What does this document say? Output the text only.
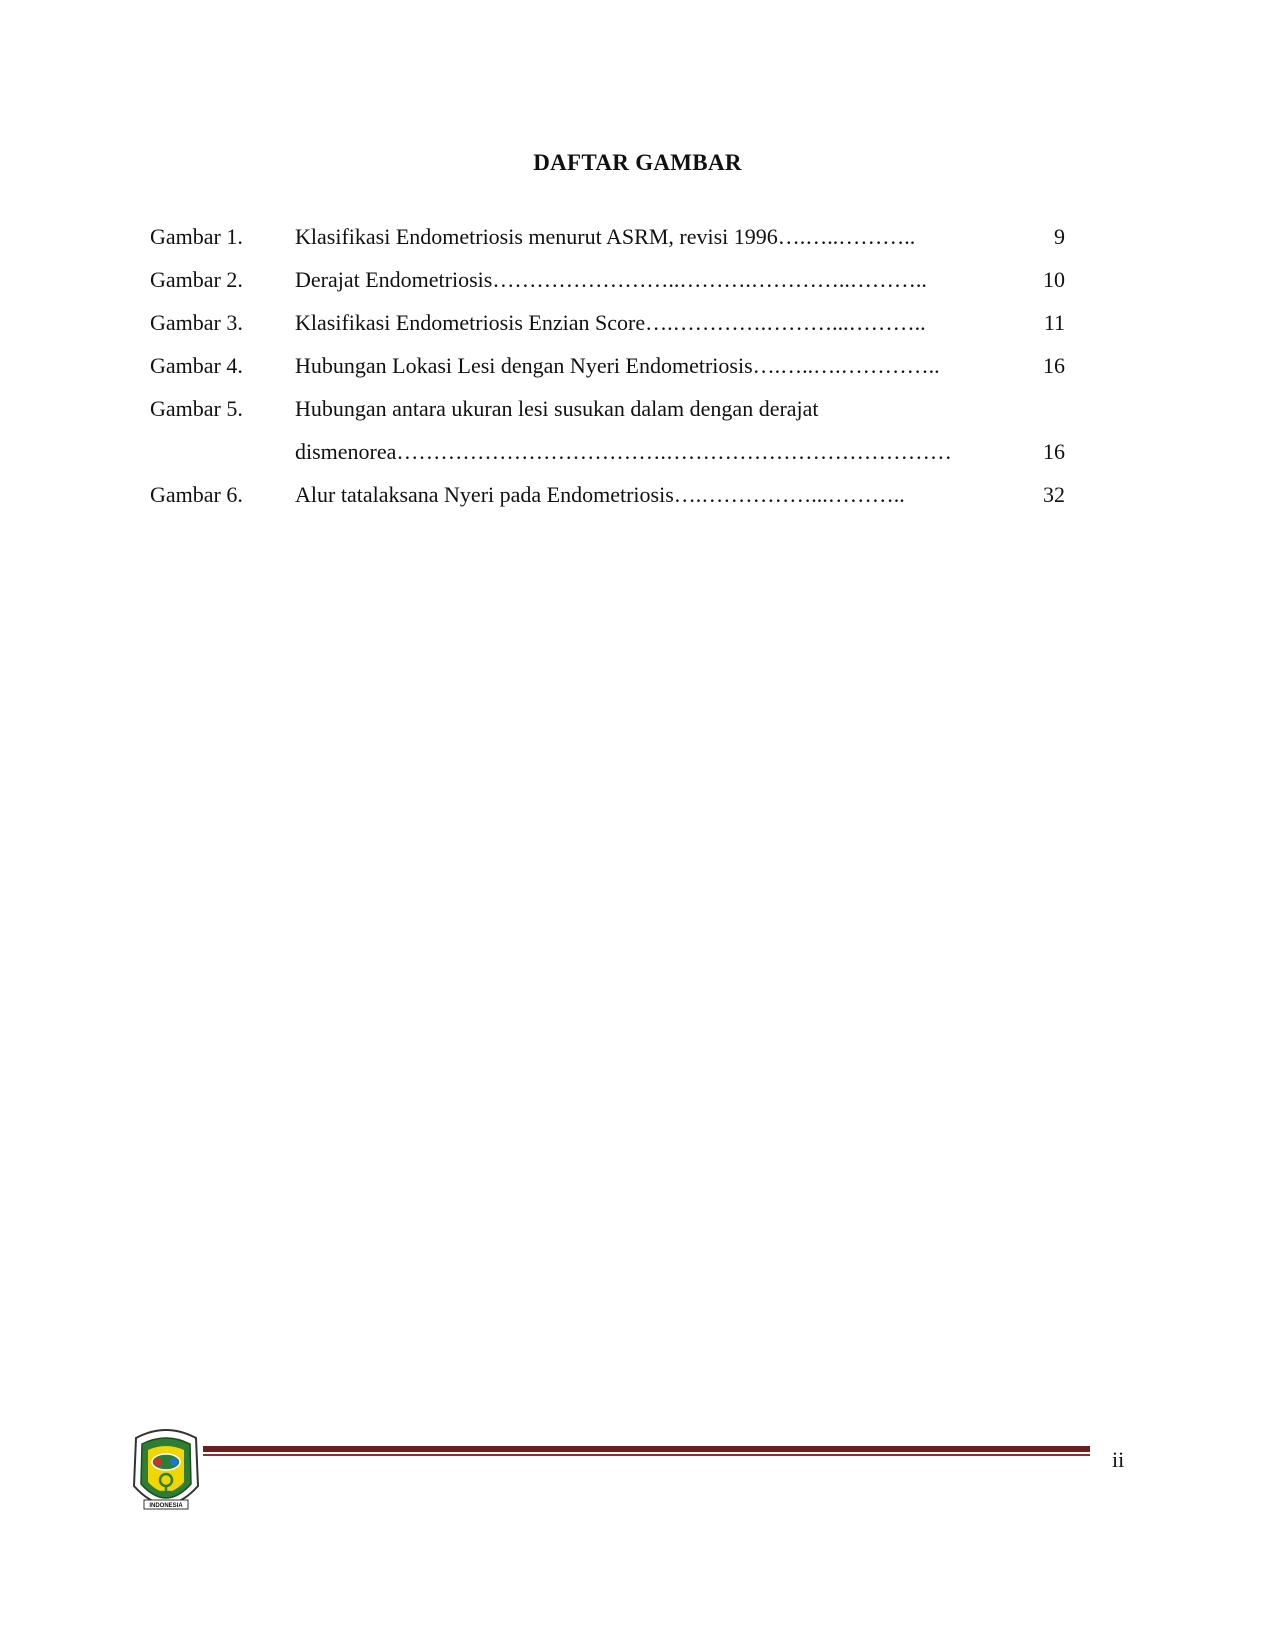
DAFTAR GAMBAR
Gambar 1. Klasifikasi Endometriosis menurut ASRM, revisi 1996….…..………..	9
Gambar 2. Derajat Endometriosis……………………..……….…………..………..	10
Gambar 3. Klasifikasi Endometriosis Enzian Score….………….………...………..	11
Gambar 4. Hubungan Lokasi Lesi dengan Nyeri Endometriosis….…..….…………..	16
Gambar 5. Hubungan antara ukuran lesi susukan dalam dengan derajat
dismenorea……………………………….…………………………………	16
Gambar 6. Alur tatalaksana Nyeri pada Endometriosis….……………...………..	32
INDONESIA
ii
